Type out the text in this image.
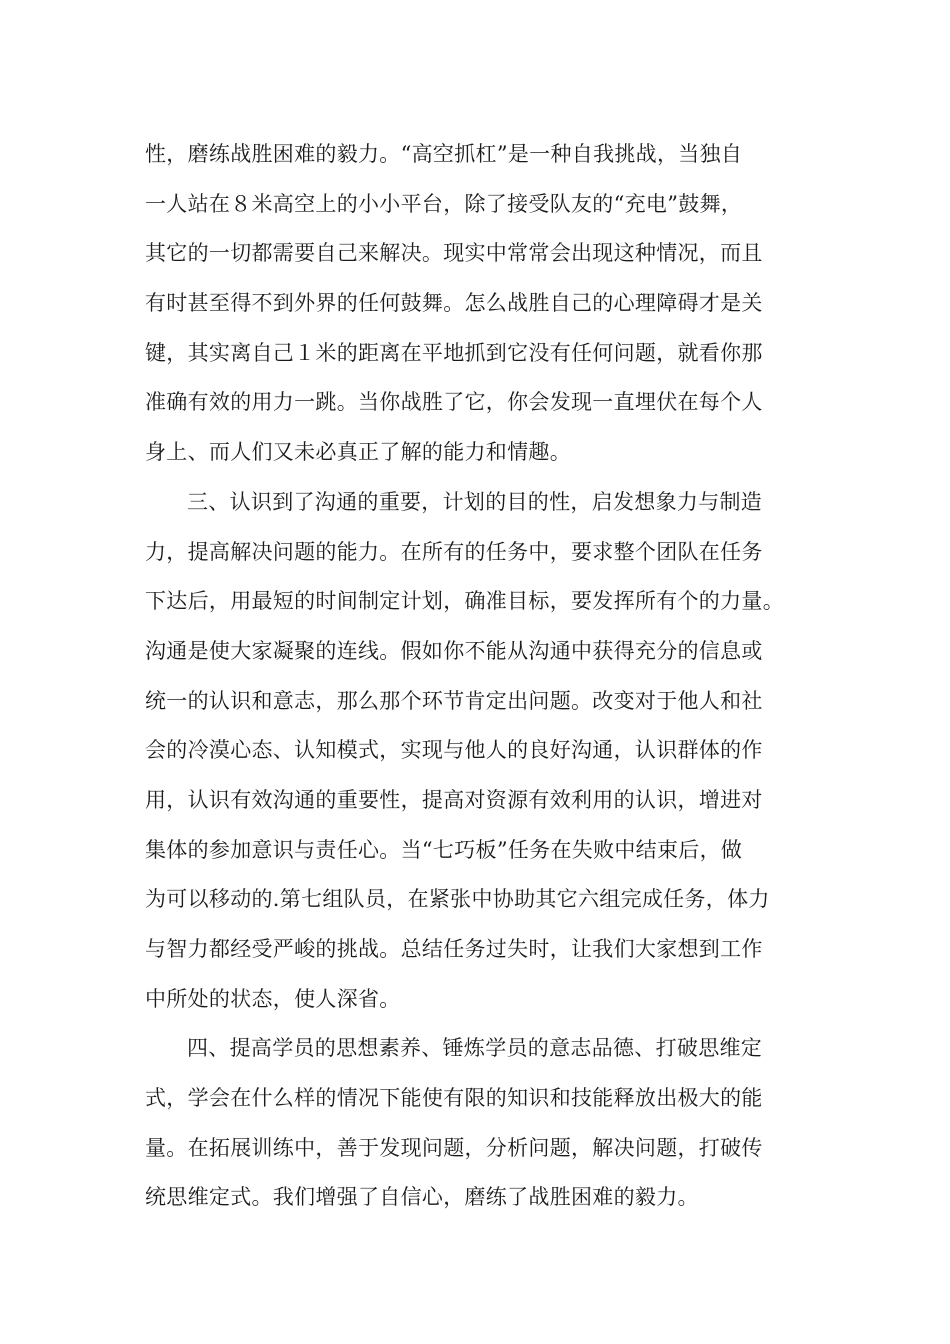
性，磨练战胜困难的毅力。“高空抓杠”是一种自我挑战，当独自
一人站在８米高空上的小小平台，除了接受队友的“充电”鼓舞，
其它的一切都需要自己来解决。现实中常常会出现这种情况，而且
有时甚至得不到外界的任何鼓舞。怎么战胜自己的心理障碍才是关
键，其实离自己１米的距离在平地抓到它没有任何问题，就看你那
准确有效的用力一跳。当你战胜了它，你会发现一直埋伏在每个人
身上、而人们又未必真正了解的能力和情趣。
三、认识到了沟通的重要，计划的目的性，启发想象力与制造
力，提高解决问题的能力。在所有的任务中，要求整个团队在任务
下达后，用最短的时间制定计划，确准目标，要发挥所有个的力量。
沟通是使大家凝聚的连线。假如你不能从沟通中获得充分的信息或
统一的认识和意志，那么那个环节肯定出问题。改变对于他人和社
会的冷漠心态、认知模式，实现与他人的良好沟通，认识群体的作
用，认识有效沟通的重要性，提高对资源有效利用的认识，增进对
集体的参加意识与责任心。当“七巧板”任务在失败中结束后，做
为可以移动的.第七组队员，在紧张中协助其它六组完成任务，体力
与智力都经受严峻的挑战。总结任务过失时，让我们大家想到工作
中所处的状态，使人深省。
四、提高学员的思想素养、锤炼学员的意志品德、打破思维定
式，学会在什么样的情况下能使有限的知识和技能释放出极大的能
量。在拓展训练中，善于发现问题，分析问题，解决问题，打破传
统思维定式。我们增强了自信心，磨练了战胜困难的毅力。
